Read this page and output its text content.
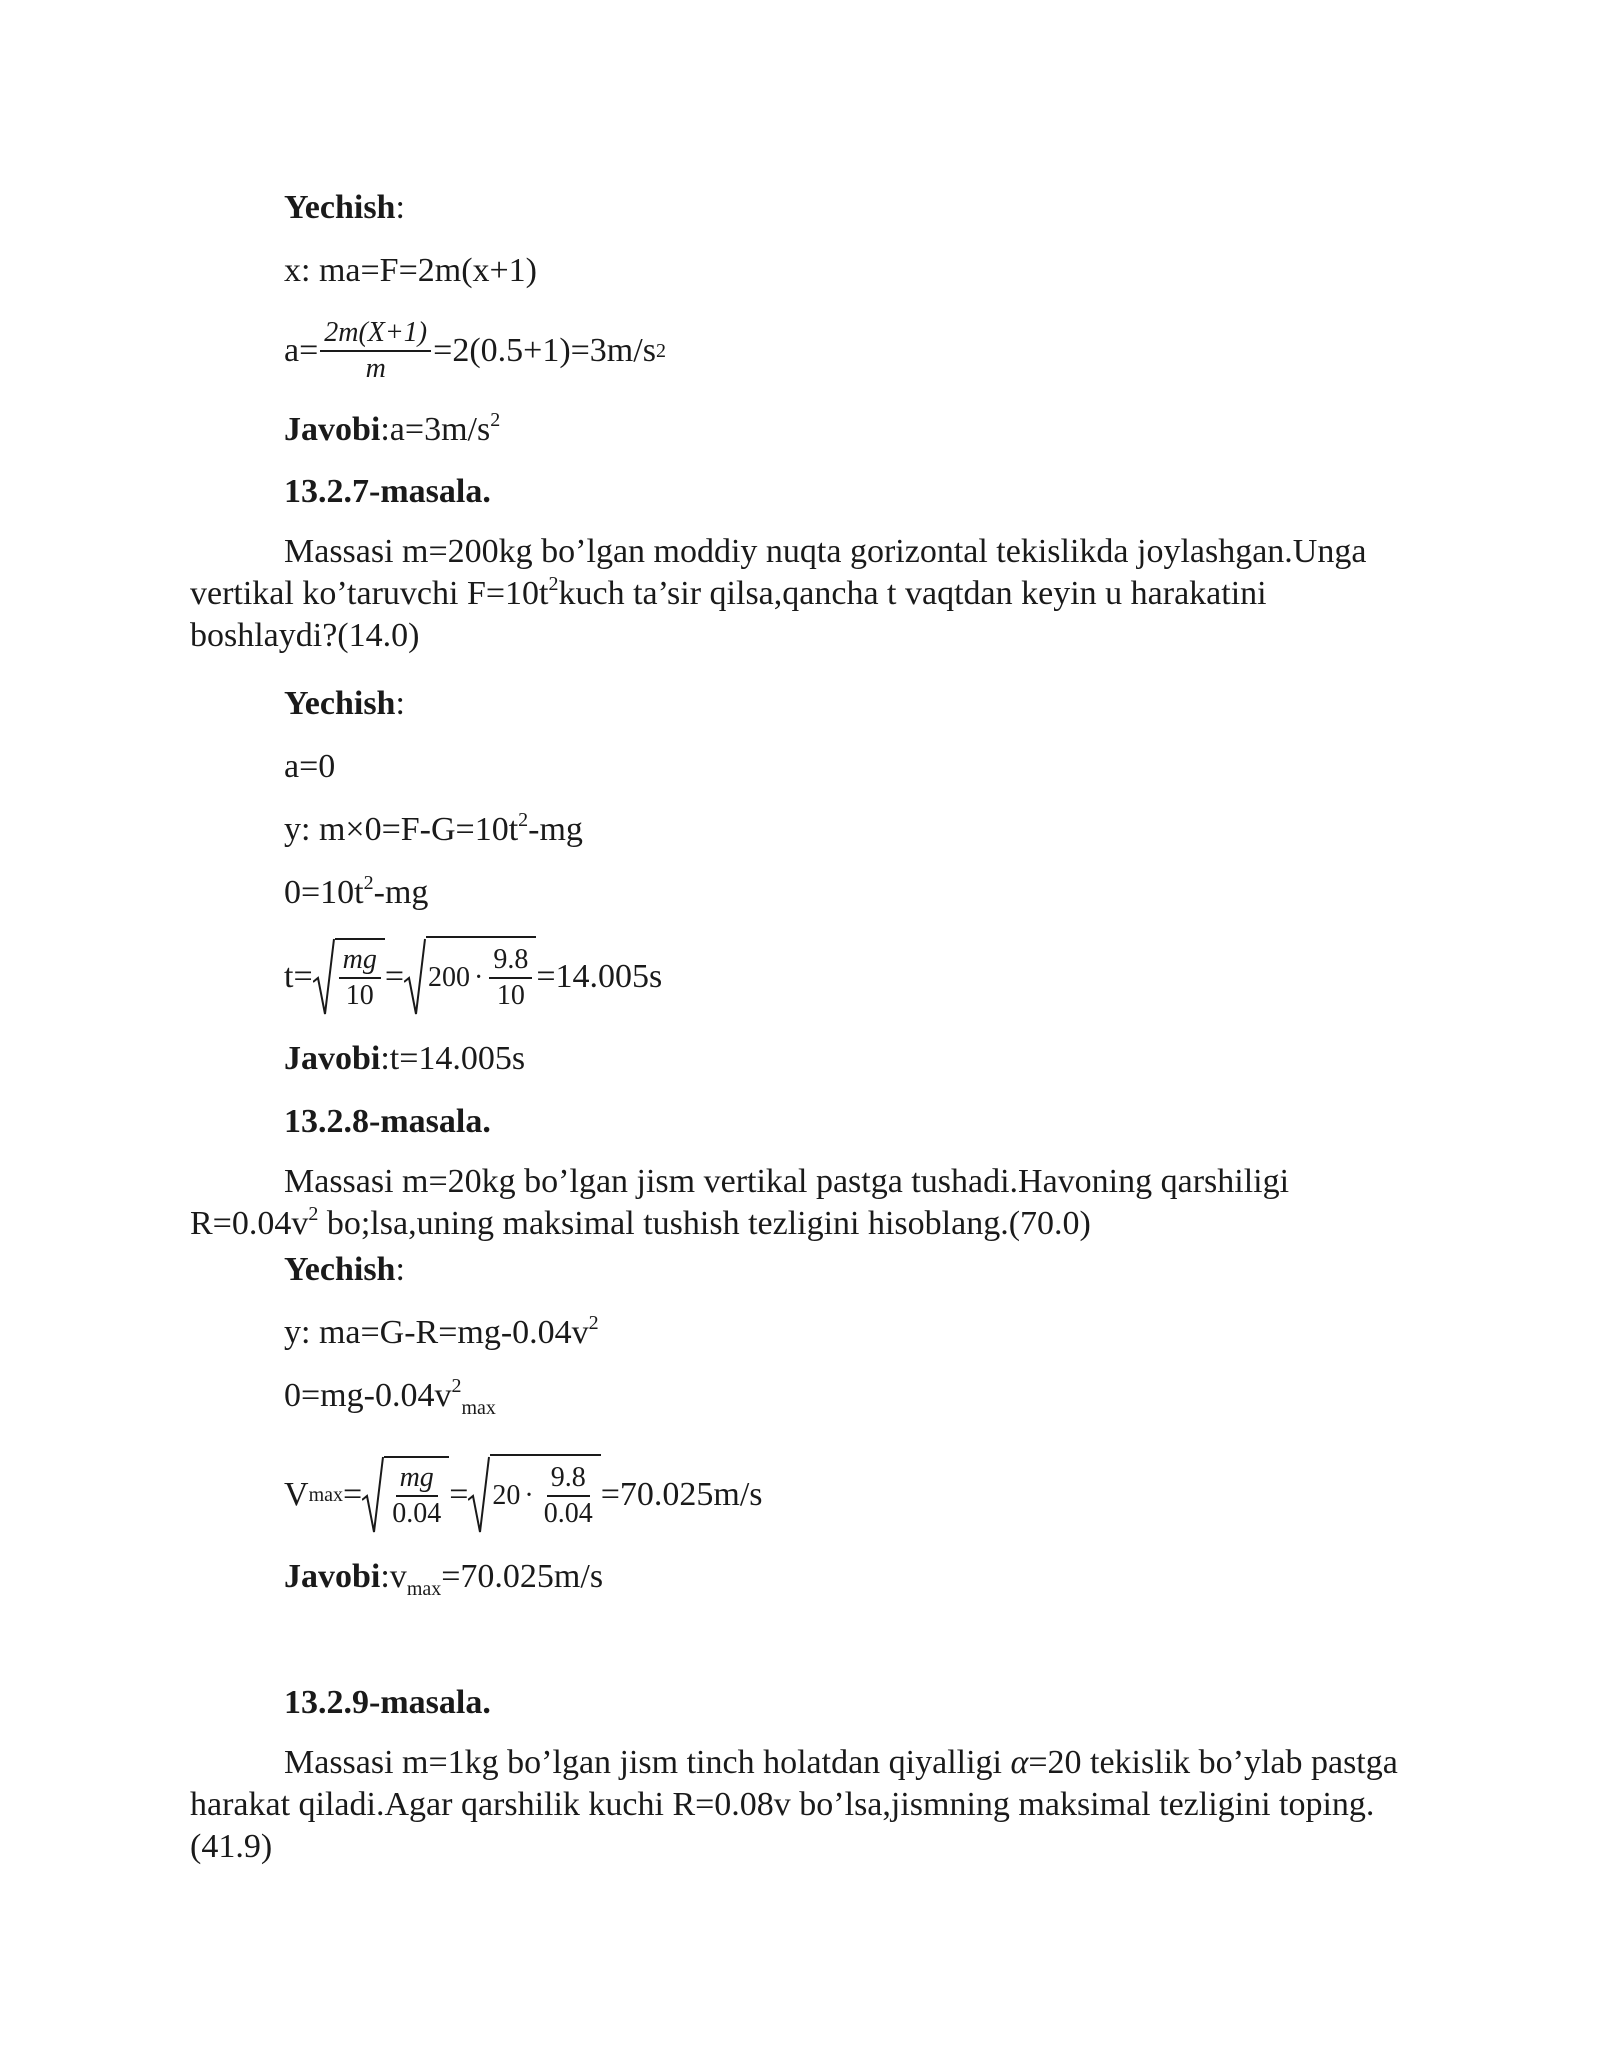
Yechish:
x: ma=F=2m(x+1)
$a= \frac{2m(X+1)}{m} =2(0.5+1)=3m/s$ 2
$Javobi:a=3m/s^2$
13.2.7-masala.
Massasi m=200kg bo’lgan moddiy nuqta gorizontal tekislikda joylashgan.Unga vertikal ko’taruvchi $F=10t^2kuch$ ta’sir qilsa,qancha t vaqtdan keyin u harakatini boshlaydi?(14.0)
Yechish:
a=0
y: $m\times 0=F-G=10t^2-mg$
$0=10t^2-mg$
$t= \frac{mg}{10} = 200 \cdot \frac{9.8}{10} =14.005s$
Javobi:t=14.005s
13.2.8-masala.
Massasi m=20kg bo’lgan jism vertikal pastga tushadi.Havoning qarshiligi $R=0.04v^2$ bo;lsa,uning maksimal tushish tezligini hisoblang.(70.0)
Yechish:
y: $ma=G-R=mg-0.04v^2$
$0=mg-0.04v^2_{max}$
V $\max = \frac{mg}{0.04} = 20 \cdot \frac{9.8}{0.04} =70.025m/s$
$Javobi:v_{max}=70.025m/s$
13.2.9-masala.
Massasi m=1kg bo’lgan jism tinch holatdan qiyalligi α=20 tekislik bo’ylab pastga harakat qiladi.Agar qarshilik kuchi R=0.08v bo’lsa,jismning maksimal tezligini toping.(41.9)
